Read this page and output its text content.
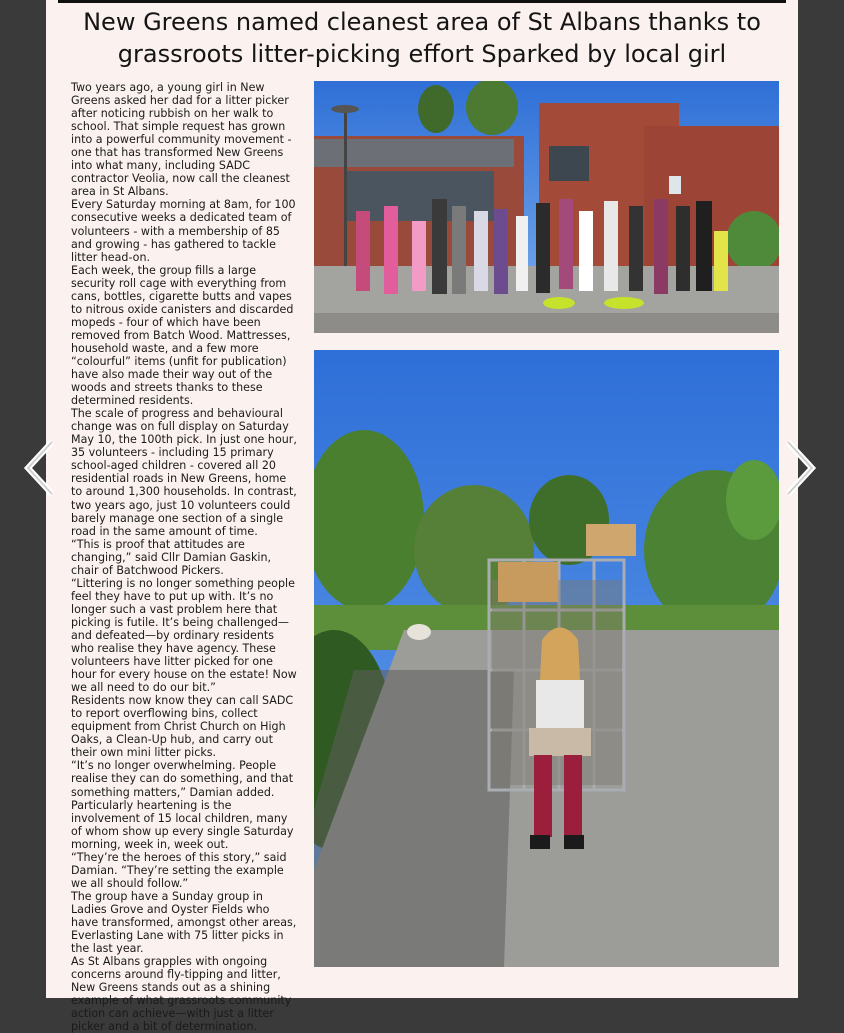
New Greens named cleanest area of St Albans thanks to
grassroots litter-picking effort Sparked by local girl

Two years ago, a young girl in New Greens asked her dad for a litter picker after noticing rubbish on her walk to school. That simple request has grown into a powerful community movement - one that has transformed New Greens into what many, including SADC contractor Veolia, now call the cleanest area in St Albans.

Every Saturday morning at 8am, for 100 consecutive weeks a dedicated team of volunteers - with a membership of 85 and growing - has gathered to tackle litter head-on.

Each week, the group fills a large security roll cage with everything from cans, bottles, cigarette butts and vapes to nitrous oxide canisters and discarded mopeds - four of which have been removed from Batch Wood. Mattresses, household waste, and a few more “colourful” items (unfit for publication) have also made their way out of the woods and streets thanks to these determined residents.

The scale of progress and behavioural change was on full display on Saturday May 10, the 100th pick. In just one hour, 35 volunteers - including 15 primary school-aged children - covered all 20 residential roads in New Greens, home to around 1,300 households. In contrast, two years ago, just 10 volunteers could barely manage one section of a single road in the same amount of time.

“This is proof that attitudes are changing,” said Cllr Damian Gaskin, chair of Batchwood Pickers.

“Littering is no longer something people feel they have to put up with. It’s no longer such a vast problem here that picking is futile. It’s being challenged—and defeated—by ordinary residents who realise they have agency. These volunteers have litter picked for one hour for every house on the estate! Now we all need to do our bit.”

Residents now know they can call SADC to report overflowing bins, collect equipment from Christ Church on High Oaks, a Clean-Up hub, and carry out their own mini litter picks.

“It’s no longer overwhelming. People realise they can do something, and that something matters,” Damian added.

Particularly heartening is the involvement of 15 local children, many of whom show up every single Saturday morning, week in, week out.

“They’re the heroes of this story,” said Damian. “They’re setting the example we all should follow.”

The group have a Sunday group in Ladies Grove and Oyster Fields who have transformed, amongst other areas, Everlasting Lane with 75 litter picks in the last year.

As St Albans grapples with ongoing concerns around fly-tipping and litter, New Greens stands out as a shining example of what grassroots community action can achieve—with just a litter picker and a bit of determination.
